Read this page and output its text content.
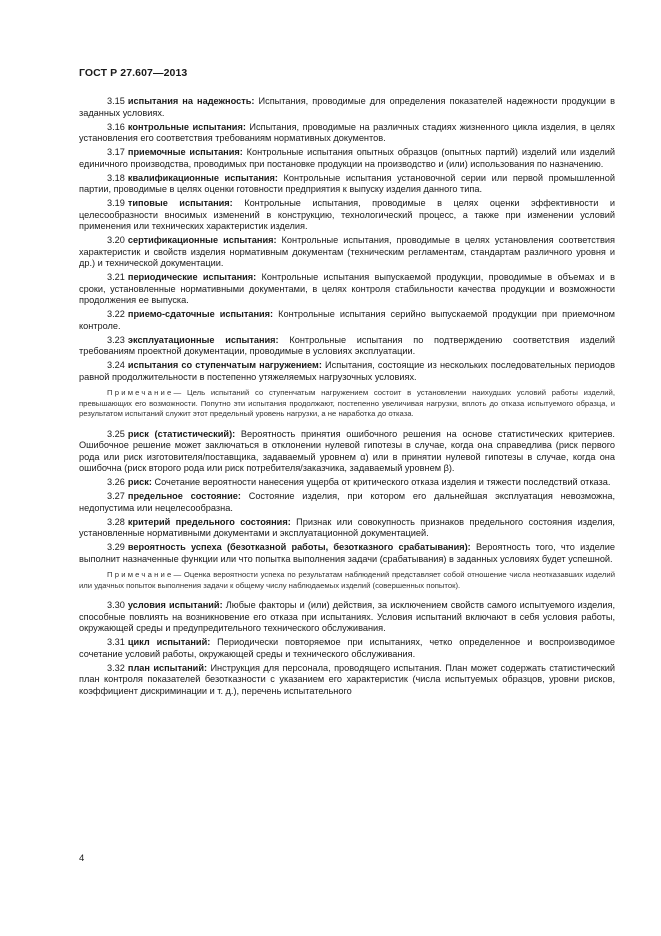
ГОСТ Р 27.607—2013

3.15 испытания на надежность: Испытания, проводимые для определения показателей надежности продукции в заданных условиях.

3.16 контрольные испытания: Испытания, проводимые на различных стадиях жизненного цикла изделия, в целях установления его соответствия требованиям нормативных документов.

3.17 приемочные испытания: Контрольные испытания опытных образцов (опытных партий) изделий или изделий единичного производства, проводимых при постановке продукции на производство и (или) использования по назначению.

3.18 квалификационные испытания: Контрольные испытания установочной серии или первой промышленной партии, проводимые в целях оценки готовности предприятия к выпуску изделия данного типа.

3.19 типовые испытания: Контрольные испытания, проводимые в целях оценки эффективности и целесообразности вносимых изменений в конструкцию, технологический процесс, а также при изменении условий применения или технических характеристик изделия.

3.20 сертификационные испытания: Контрольные испытания, проводимые в целях установления соответствия характеристик и свойств изделия нормативным документам (техническим регламентам, стандартам различного уровня и др.) и технической документации.

3.21 периодические испытания: Контрольные испытания выпускаемой продукции, проводимые в объемах и в сроки, установленные нормативными документами, в целях контроля стабильности качества продукции и возможности продолжения ее выпуска.

3.22 приемо-сдаточные испытания: Контрольные испытания серийно выпускаемой продукции при приемочном контроле.

3.23 эксплуатационные испытания: Контрольные испытания по подтверждению соответствия изделий требованиям проектной документации, проводимые в условиях эксплуатации.

3.24 испытания со ступенчатым нагружением: Испытания, состоящие из нескольких последовательных периодов равной продолжительности в постепенно утяжеляемых нагрузочных условиях.

Примечание— Цель испытаний со ступенчатым нагружением состоит в установлении наихудших условий работы изделий, превышающих его возможности. Попутно эти испытания продолжают, постепенно увеличивая нагрузки, вплоть до отказа испытуемого образца, и результатом испытаний служит этот предельный уровень нагрузки, а не наработка до отказа.

3.25 риск (статистический): Вероятность принятия ошибочного решения на основе статистических критериев. Ошибочное решение может заключаться в отклонении нулевой гипотезы в случае, когда она справедлива (риск первого рода или риск изготовителя/поставщика, задаваемый уровнем α) или в принятии нулевой гипотезы в случае, когда она ошибочна (риск второго рода или риск потребителя/заказчика, задаваемый уровнем β).

3.26 риск: Сочетание вероятности нанесения ущерба от критического отказа изделия и тяжести последствий отказа.

3.27 предельное состояние: Состояние изделия, при котором его дальнейшая эксплуатация невозможна, недопустима или нецелесообразна.

3.28 критерий предельного состояния: Признак или совокупность признаков предельного состояния изделия, установленные нормативными документами и эксплуатационной документацией.

3.29 вероятность успеха (безотказной работы, безотказного срабатывания): Вероятность того, что изделие выполнит назначенные функции или что попытка выполнения задачи (срабатывания) в заданных условиях будет успешной.

Примечание— Оценка вероятности успеха по результатам наблюдений представляет собой отношение числа неотказавших изделий или удачных попыток выполнения задачи к общему числу наблюдаемых изделий (совершенных попыток).

3.30 условия испытаний: Любые факторы и (или) действия, за исключением свойств самого испытуемого изделия, способные повлиять на возникновение его отказа при испытаниях. Условия испытаний включают в себя условия работы, окружающей среды и предупредительного технического обслуживания.

3.31 цикл испытаний: Периодически повторяемое при испытаниях, четко определенное и воспроизводимое сочетание условий работы, окружающей среды и технического обслуживания.

3.32 план испытаний: Инструкция для персонала, проводящего испытания. План может содержать статистический план контроля показателей безотказности с указанием его характеристик (числа испытуемых образцов, уровни рисков, коэффициент дискриминации и т. д.), перечень испытательного

4
